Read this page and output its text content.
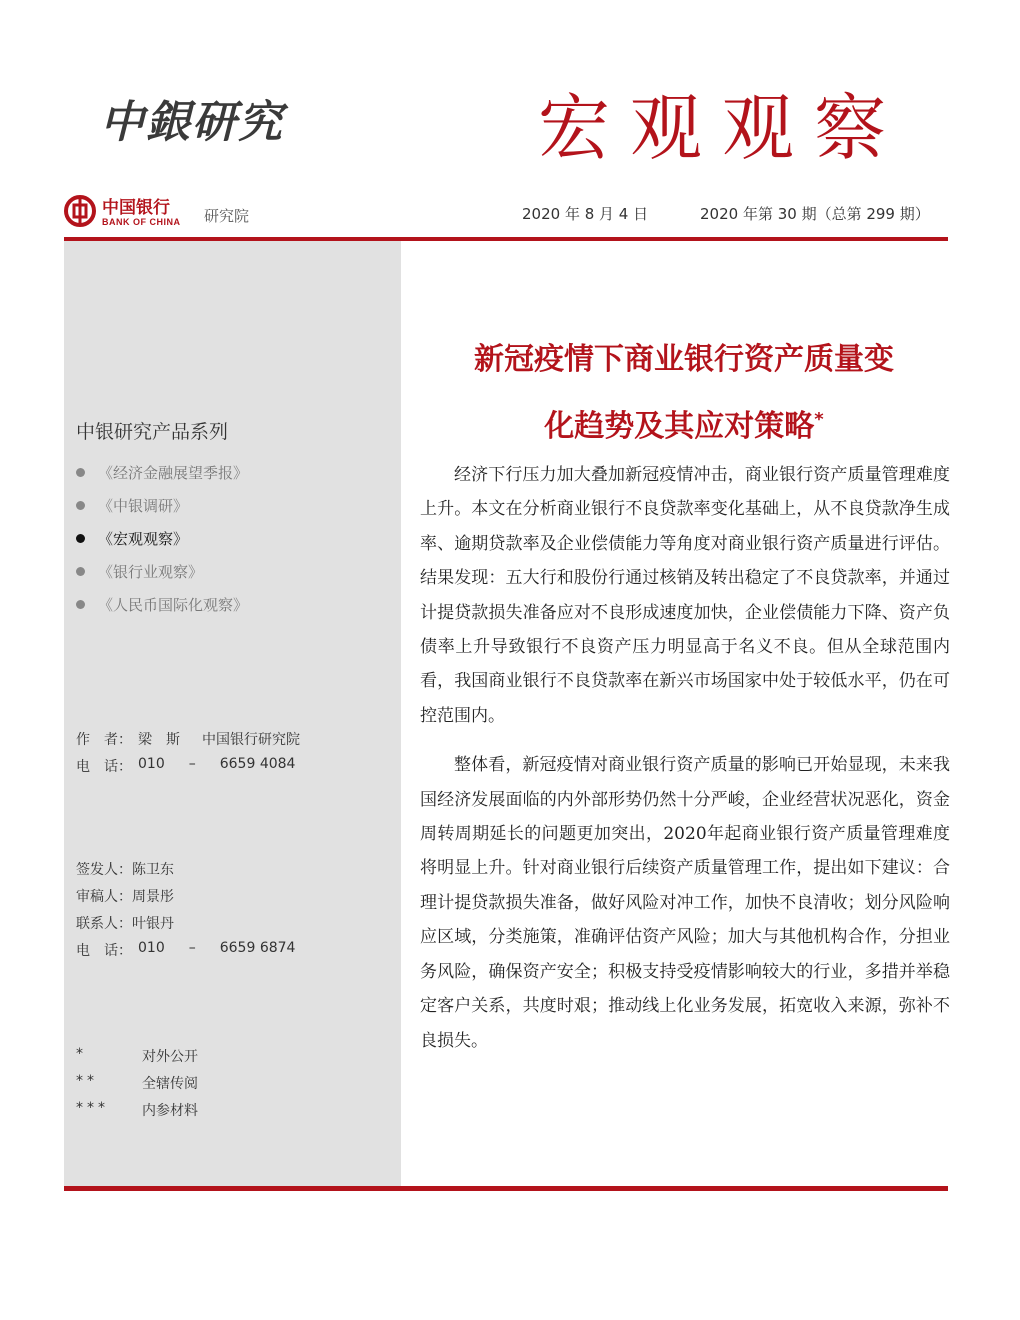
中銀研究	宏观观察
中国银行
BANK OF CHINA 研究院	2020 年 8 月 4 日	2020 年第 30 期（总第 299 期）
中银研究产品系列
《经济金融展望季报》
《中银调研》
《宏观观察》
《银行业观察》
《人民币国际化观察》
作　者： 梁　斯 中国银行研究院
电　话： 010 – 6659 4084
签发人： 陈卫东
审稿人： 周景彤
联系人： 叶银丹
电　话： 010 – 6659 6874
*	对外公开
**	全辖传阅
***	内参材料
新冠疫情下商业银行资产质量变
化趋势及其应对策略*

经济下行压力加大叠加新冠疫情冲击，商业银行资产质量管理难度上升。本文在分析商业银行不良贷款率变化基础上，从不良贷款净生成率、逾期贷款率及企业偿债能力等角度对商业银行资产质量进行评估。结果发现：五大行和股份行通过核销及转出稳定了不良贷款率，并通过计提贷款损失准备应对不良形成速度加快，企业偿债能力下降、资产负债率上升导致银行不良资产压力明显高于名义不良。但从全球范围内看，我国商业银行不良贷款率在新兴市场国家中处于较低水平，仍在可控范围内。

整体看，新冠疫情对商业银行资产质量的影响已开始显现，未来我国经济发展面临的内外部形势仍然十分严峻，企业经营状况恶化，资金周转周期延长的问题更加突出，2020年起商业银行资产质量管理难度将明显上升。针对商业银行后续资产质量管理工作，提出如下建议：合理计提贷款损失准备，做好风险对冲工作，加快不良清收；划分风险响应区域，分类施策，准确评估资产风险；加大与其他机构合作，分担业务风险，确保资产安全；积极支持受疫情影响较大的行业，多措并举稳定客户关系，共度时艰；推动线上化业务发展，拓宽收入来源，弥补不良损失。
